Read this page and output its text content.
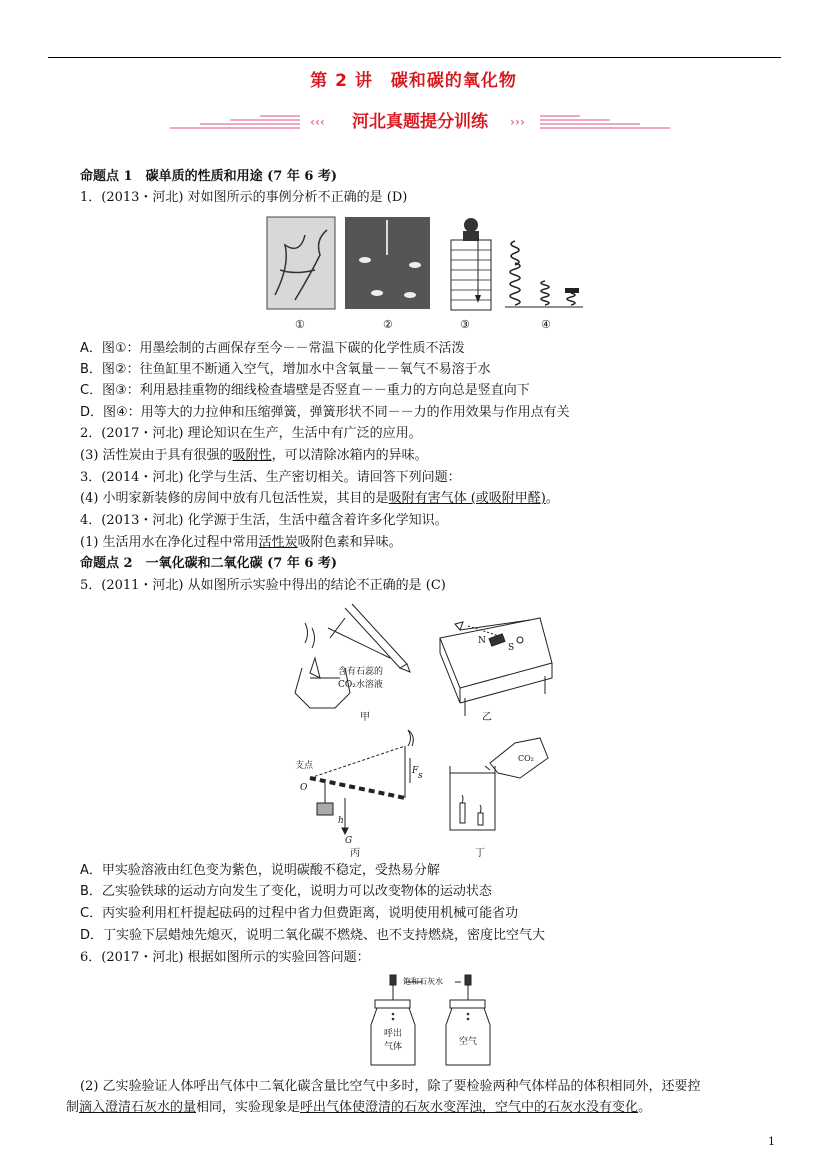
第 2 讲　碳和碳的氧化物
‹‹‹	›››
河北真题提分训练
命题点 1　碳单质的性质和用途 (7 年 6 考)
1．(2013・河北) 对如图所示的事例分析不正确的是 (D)
①	②	③	④
A．图①：用墨绘制的古画保存至今－－常温下碳的化学性质不活泼
B．图②：往鱼缸里不断通入空气，增加水中含氧量－－氧气不易溶于水
C．图③：利用悬挂重物的细线检查墙壁是否竖直－－重力的方向总是竖直向下
D．图④：用等大的力拉伸和压缩弹簧，弹簧形状不同－－力的作用效果与作用点有关
2．(2017・河北) 理论知识在生产，生活中有广泛的应用。
(3) 活性炭由于具有很强的吸附性，可以清除冰箱内的异味。
3．(2014・河北) 化学与生活、生产密切相关。请回答下列问题：
(4) 小明家新装修的房间中放有几包活性炭，其目的是吸附有害气体 (或吸附甲醛)。
4．(2013・河北) 化学源于生活，生活中蕴含着许多化学知识。
(1) 生活用水在净化过程中常用活性炭吸附色素和异味。
命题点 2　一氧化碳和二氧化碳 (7 年 6 考)
5．(2011・河北) 从如图所示实验中得出的结论不正确的是 (C)
含有石蕊的
CO₂水溶液
N
S
甲	乙
支点
O
F s
h
G
CO₂
丙	丁
A．甲实验溶液由红色变为紫色，说明碳酸不稳定，受热易分解
B．乙实验铁球的运动方向发生了变化，说明力可以改变物体的运动状态
C．丙实验利用杠杆提起砝码的过程中省力但费距离，说明使用机械可能省功
D．丁实验下层蜡烛先熄灭，说明二氧化碳不燃烧、也不支持燃烧，密度比空气大
6．(2017・河北) 根据如图所示的实验回答问题：
饱和石灰水
呼出
气体	空气
(2) 乙实验验证人体呼出气体中二氧化碳含量比空气中多时，除了要检验两种气体样品的体积相同外，还要控
制滴入澄清石灰水的量相同，实验现象是呼出气体使澄清的石灰水变浑浊，空气中的石灰水没有变化。
1
